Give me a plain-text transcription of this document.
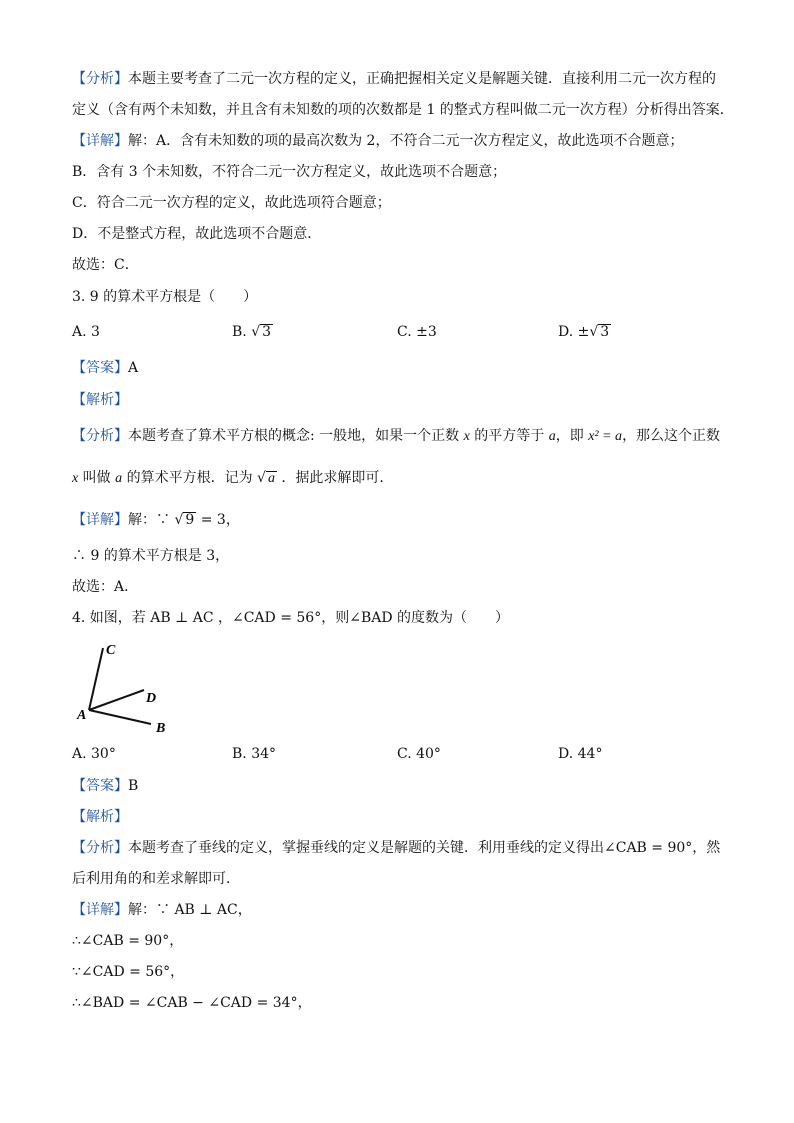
【分析】本题主要考查了二元一次方程的定义，正确把握相关定义是解题关键．直接利用二元一次方程的
定义（含有两个未知数，并且含有未知数的项的次数都是 1 的整式方程叫做二元一次方程）分析得出答案．
【详解】解：A．含有未知数的项的最高次数为 2，不符合二元一次方程定义，故此选项不合题意；
B．含有 3 个未知数，不符合二元一次方程定义，故此选项不合题意；
C．符合二元一次方程的定义，故此选项符合题意；
D．不是整式方程，故此选项不合题意．
故选：C．
3. 9 的算术平方根是（　　）
A. 3	B. √ 3	C. ±3	D. ±√ 3
【答案】A
【解析】
【分析】本题考查了算术平方根的概念: 一般地，如果一个正数 x 的平方等于 a，即 x² = a，那么这个正数
x 叫做 a 的算术平方根．记为 √ a ．据此求解即可．
【详解】解：∵ √ 9 = 3，
∴ 9 的算术平方根是 3，
故选：A．
4. 如图，若 AB ⊥ AC ，∠CAD = 56°，则∠BAD 的度数为（　　）
C
D
A
B
A. 30°	B. 34°	C. 40°	D. 44°
【答案】B
【解析】
【分析】本题考查了垂线的定义，掌握垂线的定义是解题的关键．利用垂线的定义得出∠CAB = 90°，然
后利用角的和差求解即可．
【详解】解：∵ AB ⊥ AC，
∴∠CAB = 90°，
∵∠CAD = 56°，
∴∠BAD = ∠CAB − ∠CAD = 34°，
